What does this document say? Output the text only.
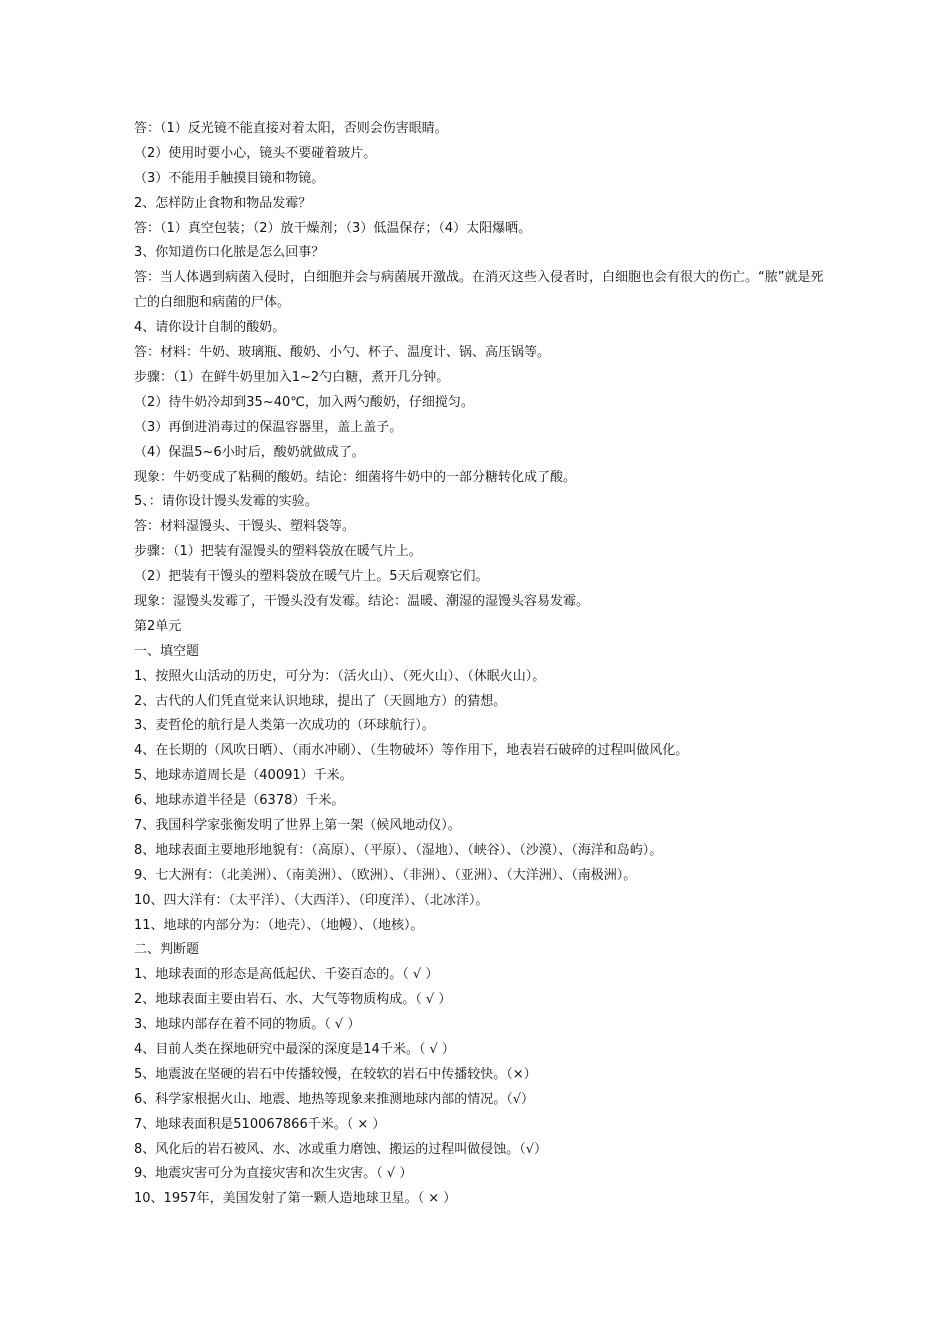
答：（1）反光镜不能直接对着太阳，否则会伤害眼睛。
（2）使用时要小心，镜头不要碰着玻片。
（3）不能用手触摸目镜和物镜。
2、怎样防止食物和物品发霉？
答：（1）真空包装；（2）放干燥剂；（3）低温保存；（4）太阳爆晒。
3、你知道伤口化脓是怎么回事？
答：当人体遇到病菌入侵时，白细胞并会与病菌展开激战。在消灭这些入侵者时，白细胞也会有很大的伤亡。“脓”就是死亡的白细胞和病菌的尸体。
4、请你设计自制的酸奶。
答：材料：牛奶、玻璃瓶、酸奶、小勺、杯子、温度计、锅、高压锅等。
步骤：（1）在鲜牛奶里加入1~2勺白糖，煮开几分钟。
（2）待牛奶冷却到35~40℃，加入两勺酸奶，仔细搅匀。
（3）再倒进消毒过的保温容器里，盖上盖子。
（4）保温5~6小时后，酸奶就做成了。
现象：牛奶变成了粘稠的酸奶。结论：细菌将牛奶中的一部分糖转化成了酸。
5、：请你设计馒头发霉的实验。
答：材料湿馒头、干馒头、塑料袋等。
步骤：（1）把装有湿馒头的塑料袋放在暖气片上。
（2）把装有干馒头的塑料袋放在暖气片上。5天后观察它们。
现象：湿馒头发霉了，干馒头没有发霉。结论：温暖、潮湿的湿馒头容易发霉。
第2单元
一、填空题
1、按照火山活动的历史，可分为：（活火山）、（死火山）、（休眠火山）。
2、古代的人们凭直觉来认识地球，提出了（天圆地方）的猜想。
3、麦哲伦的航行是人类第一次成功的（环球航行）。
4、在长期的（风吹日晒）、（雨水冲刷）、（生物破坏）等作用下，地表岩石破碎的过程叫做风化。
5、地球赤道周长是（40091）千米。
6、地球赤道半径是（6378）千米。
7、我国科学家张衡发明了世界上第一架（候风地动仪）。
8、地球表面主要地形地貌有：（高原）、（平原）、（湿地）、（峡谷）、（沙漠）、（海洋和岛屿）。
9、七大洲有：（北美洲）、（南美洲）、（欧洲）、（非洲）、（亚洲）、（大洋洲）、（南极洲）。
10、四大洋有：（太平洋）、（大西洋）、（印度洋）、（北冰洋）。
11、地球的内部分为：（地壳）、（地幔）、（地核）。
二、判断题
1、地球表面的形态是高低起伏、千姿百态的。（ √ ）
2、地球表面主要由岩石、水、大气等物质构成。（ √ ）
3、地球内部存在着不同的物质。（ √ ）
4、目前人类在探地研究中最深的深度是14千米。（ √ ）
5、地震波在坚硬的岩石中传播较慢，在较软的岩石中传播较快。（×）
6、科学家根据火山、地震、地热等现象来推测地球内部的情况。（√）
7、地球表面积是510067866千米。（ × ）
8、风化后的岩石被风、水、冰或重力磨蚀、搬运的过程叫做侵蚀。（√）
9、地震灾害可分为直接灾害和次生灾害。（ √ ）
10、1957年，美国发射了第一颗人造地球卫星。（ × ）
